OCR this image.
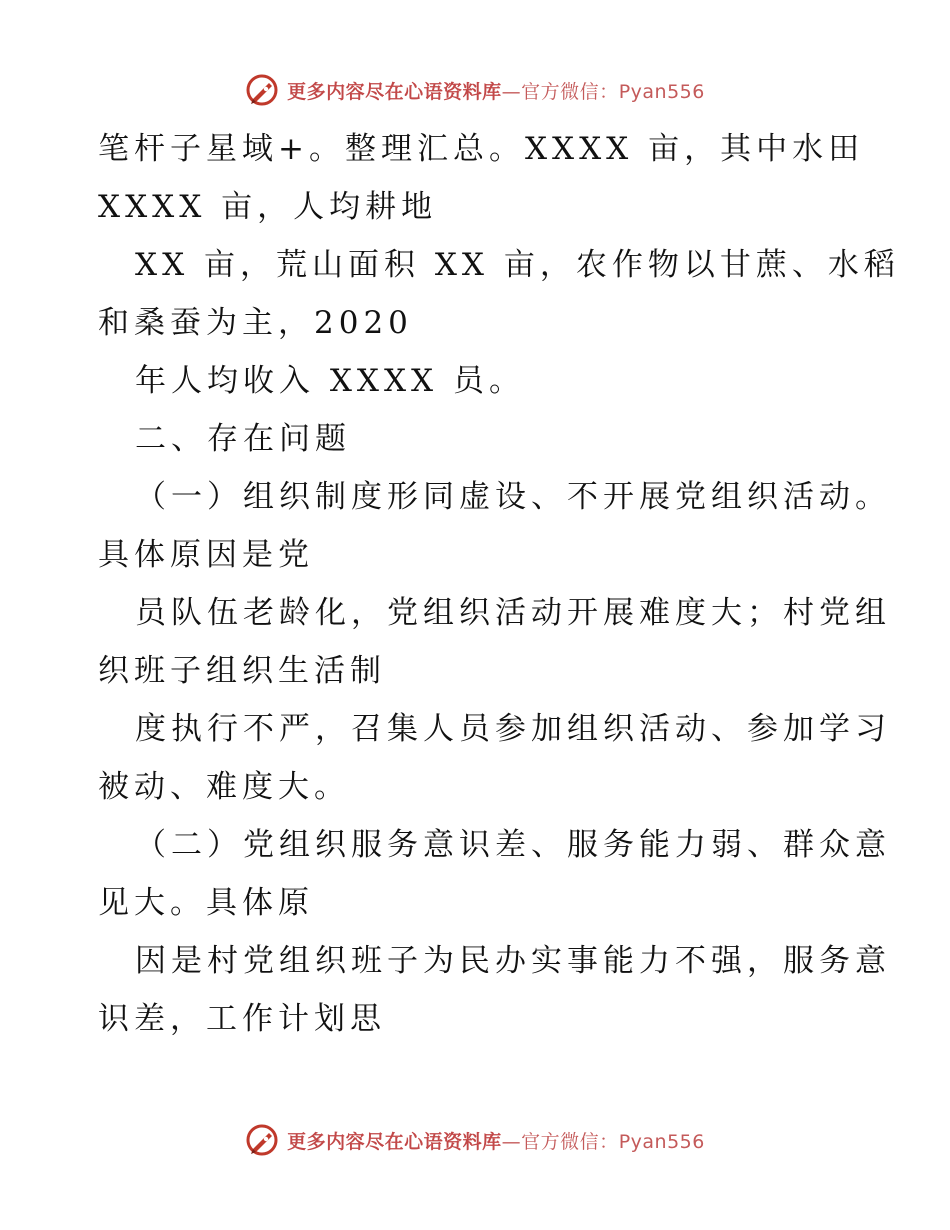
更多内容尽在心语资料库—官方微信：Pyan556
笔杆子星域+。整理汇总。XXXX 亩，其中水田
XXXX 亩，人均耕地
XX 亩，荒山面积 XX 亩，农作物以甘蔗、水稻
和桑蚕为主，2020
年人均收入 XXXX 员。
二、存在问题
（一）组织制度形同虚设、不开展党组织活动。
具体原因是党
员队伍老龄化，党组织活动开展难度大；村党组
织班子组织生活制
度执行不严，召集人员参加组织活动、参加学习
被动、难度大。
（二）党组织服务意识差、服务能力弱、群众意
见大。具体原
因是村党组织班子为民办实事能力不强，服务意
识差，工作计划思
更多内容尽在心语资料库—官方微信：Pyan556
